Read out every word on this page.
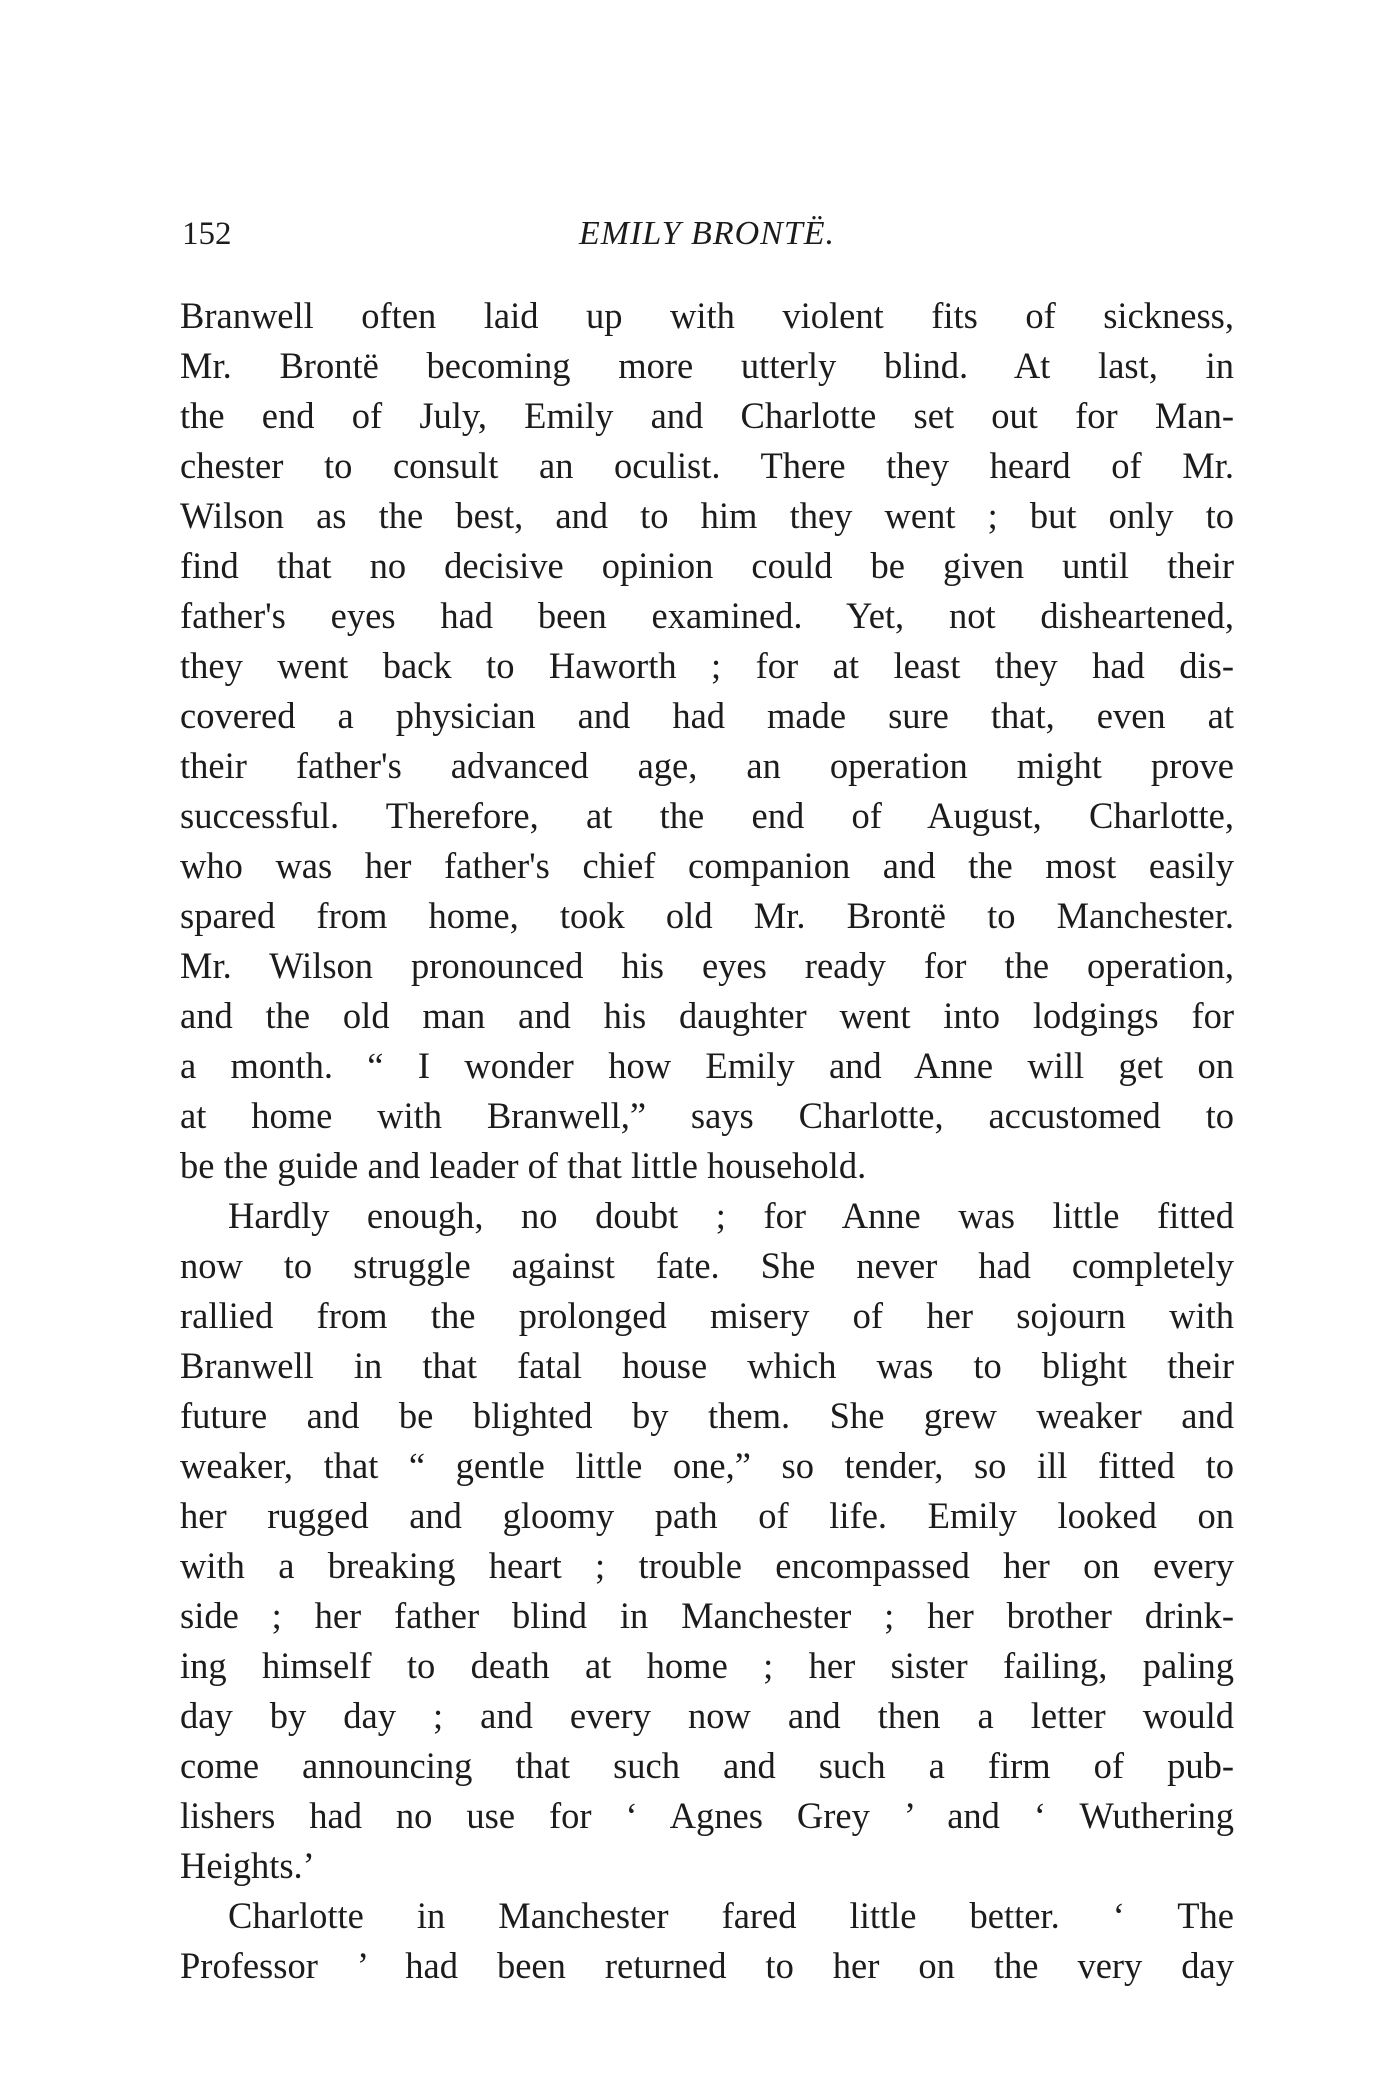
152	EMILY BRONTË.
Branwell often laid up with violent fits of sickness,
Mr. Brontë becoming more utterly blind. At last, in
the end of July, Emily and Charlotte set out for Man-
chester to consult an oculist. There they heard of Mr.
Wilson as the best, and to him they went ; but only to
find that no decisive opinion could be given until their
father's eyes had been examined. Yet, not disheartened,
they went back to Haworth ; for at least they had dis-
covered a physician and had made sure that, even at
their father's advanced age, an operation might prove
successful. Therefore, at the end of August, Charlotte,
who was her father's chief companion and the most easily
spared from home, took old Mr. Brontë to Manchester.
Mr. Wilson pronounced his eyes ready for the operation,
and the old man and his daughter went into lodgings for
a month. “ I wonder how Emily and Anne will get on
at home with Branwell,” says Charlotte, accustomed to
be the guide and leader of that little household.
Hardly enough, no doubt ; for Anne was little fitted
now to struggle against fate. She never had completely
rallied from the prolonged misery of her sojourn with
Branwell in that fatal house which was to blight their
future and be blighted by them. She grew weaker and
weaker, that “ gentle little one,” so tender, so ill fitted to
her rugged and gloomy path of life. Emily looked on
with a breaking heart ; trouble encompassed her on every
side ; her father blind in Manchester ; her brother drink-
ing himself to death at home ; her sister failing, paling
day by day ; and every now and then a letter would
come announcing that such and such a firm of pub-
lishers had no use for ‘ Agnes Grey ’ and ‘ Wuthering
Heights.’
Charlotte in Manchester fared little better. ‘ The
Professor ’ had been returned to her on the very day
